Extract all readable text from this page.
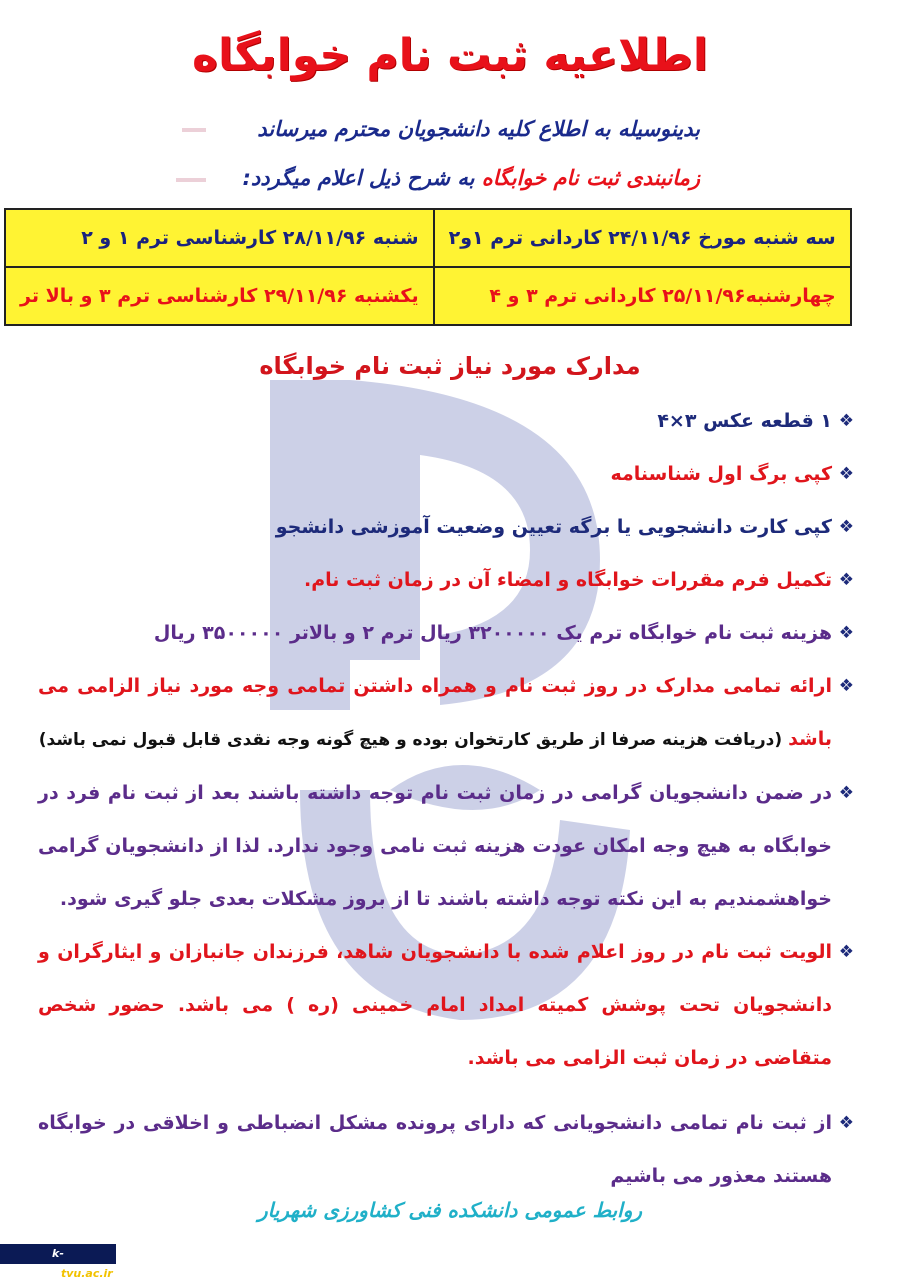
اطلاعیه ثبت نام خوابگاه
بدینوسیله به اطلاع کلیه دانشجویان محترم میرساند
زمانبندی ثبت نام خوابگاه به شرح ذیل اعلام میگردد:
سه شنبه مورخ ۲۴/۱۱/۹۶ کاردانی ترم ۱و۲	شنبه ۲۸/۱۱/۹۶ کارشناسی ترم ۱ و ۲
چهارشنبه۲۵/۱۱/۹۶ کاردانی ترم ۳ و ۴	یکشنبه ۲۹/۱۱/۹۶ کارشناسی ترم ۳ و بالا تر
مدارک مورد نیاز ثبت نام خوابگاه
❖
۱ قطعه عکس ۳×۴
❖
کپی برگ اول شناسنامه
❖
کپی کارت دانشجویی یا برگه تعیین وضعیت آموزشی دانشجو
❖
تکمیل فرم مقررات خوابگاه و امضاء آن در زمان ثبت نام.
❖
هزینه ثبت نام خوابگاه ترم یک ۳۲۰۰۰۰۰ ریال ترم ۲ و بالاتر ۳۵۰۰۰۰۰ ریال
❖
ارائه تمامی مدارک در روز ثبت نام و همراه داشتن تمامی وجه مورد نیاز الزامی می باشد (دریافت هزینه صرفا از طریق کارتخوان بوده و هیچ گونه وجه نقدی قابل قبول نمی باشد)
❖
در ضمن دانشجویان گرامی در زمان ثبت نام توجه داشته باشند بعد از ثبت نام فرد در خوابگاه به هیچ وجه امکان عودت هزینه ثبت نامی وجود ندارد. لذا از دانشجویان گرامی خواهشمندیم به این نکته توجه داشته باشند تا از بروز مشکلات بعدی جلو گیری شود.
❖
الویت ثبت نام در روز اعلام شده با دانشجویان شاهد، فرزندان جانبازان و ایثارگران و دانشجویان تحت پوشش کمیته امداد امام خمینی (ره ) می باشد. حضور شخص متقاضی در زمان ثبت الزامی می باشد.
❖
از ثبت نام تمامی دانشجویانی که دارای پرونده مشکل انضباطی و اخلاقی در خوابگاه هستند معذور می باشیم
روابط عمومی دانشکده فنی کشاورزی شهریار
k-shahryar.tvu.ac.ir
